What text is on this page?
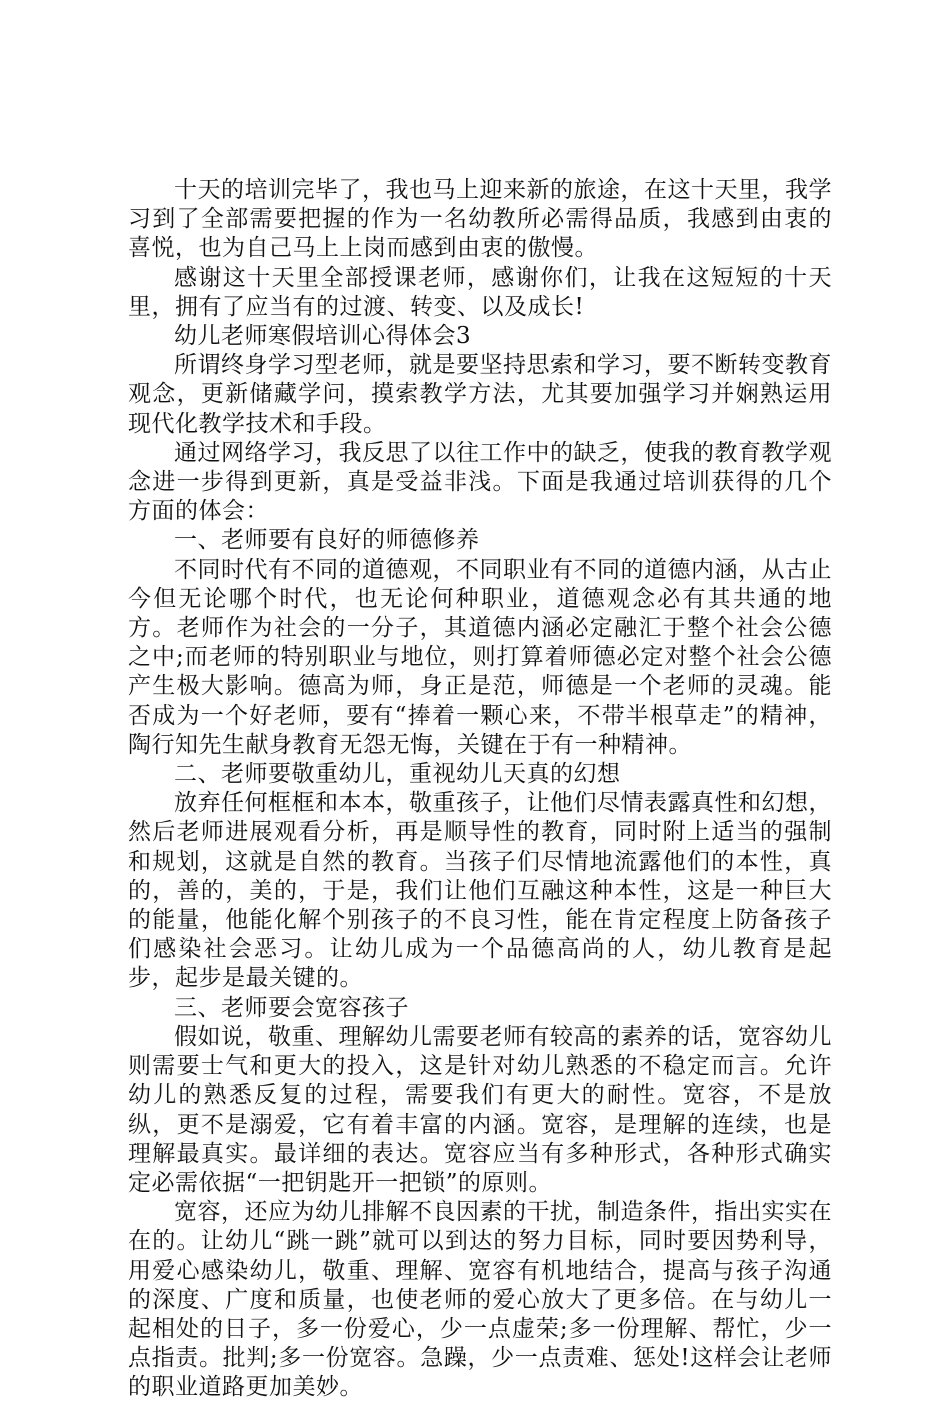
十天的培训完毕了，我也马上迎来新的旅途，在这十天里，我学习到了全部需要把握的作为一名幼教所必需得品质，我感到由衷的喜悦，也为自己马上上岗而感到由衷的傲慢。

感谢这十天里全部授课老师，感谢你们，让我在这短短的十天里，拥有了应当有的过渡、转变、以及成长!

幼儿老师寒假培训心得体会3

所谓终身学习型老师，就是要坚持思索和学习，要不断转变教育观念，更新储藏学问，摸索教学方法，尤其要加强学习并娴熟运用现代化教学技术和手段。

通过网络学习，我反思了以往工作中的缺乏，使我的教育教学观念进一步得到更新，真是受益非浅。下面是我通过培训获得的几个方面的体会：

一、老师要有良好的师德修养

不同时代有不同的道德观，不同职业有不同的道德内涵，从古止今但无论哪个时代，也无论何种职业，道德观念必有其共通的地方。老师作为社会的一分子，其道德内涵必定融汇于整个社会公德之中;而老师的特别职业与地位，则打算着师德必定对整个社会公德产生极大影响。德高为师，身正是范，师德是一个老师的灵魂。能否成为一个好老师，要有“捧着一颗心来，不带半根草走”的精神，陶行知先生献身教育无怨无悔，关键在于有一种精神。

二、老师要敬重幼儿，重视幼儿天真的幻想

放弃任何框框和本本，敬重孩子，让他们尽情表露真性和幻想，然后老师进展观看分析，再是顺导性的教育，同时附上适当的强制和规划，这就是自然的教育。当孩子们尽情地流露他们的本性，真的，善的，美的，于是，我们让他们互融这种本性，这是一种巨大的能量，他能化解个别孩子的不良习性，能在肯定程度上防备孩子们感染社会恶习。让幼儿成为一个品德高尚的人，幼儿教育是起步，起步是最关键的。

三、老师要会宽容孩子

假如说，敬重、理解幼儿需要老师有较高的素养的话，宽容幼儿则需要士气和更大的投入，这是针对幼儿熟悉的不稳定而言。允许幼儿的熟悉反复的过程，需要我们有更大的耐性。宽容，不是放纵，更不是溺爱，它有着丰富的内涵。宽容，是理解的连续，也是理解最真实。最详细的表达。宽容应当有多种形式，各种形式确实定必需依据“一把钥匙开一把锁”的原则。

宽容，还应为幼儿排解不良因素的干扰，制造条件，指出实实在在的。让幼儿“跳一跳”就可以到达的努力目标，同时要因势利导，用爱心感染幼儿，敬重、理解、宽容有机地结合，提高与孩子沟通的深度、广度和质量，也使老师的爱心放大了更多倍。在与幼儿一起相处的日子，多一份爱心，少一点虚荣;多一份理解、帮忙，少一点指责。批判;多一份宽容。急躁，少一点责难、惩处!这样会让老师的职业道路更加美妙。
